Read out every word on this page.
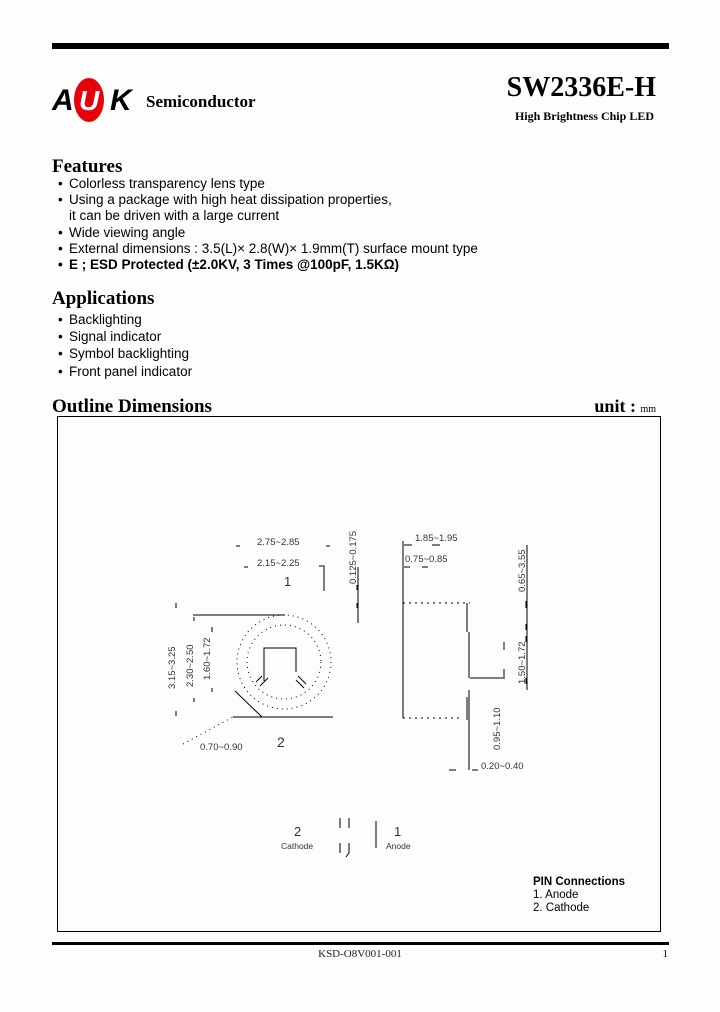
A U K Semiconductor	SW2336E-H
High Brightness Chip LED
Features
• Colorless transparency lens type
• Using a package with high heat dissipation properties,
it can be driven with a large current
• Wide viewing angle
• External dimensions : 3.5(L)× 2.8(W)× 1.9mm(T) surface mount type
• E ; ESD Protected (±2.0KV, 3 Times @100pF, 1.5KΩ)
Applications
• Backlighting
• Signal indicator
• Symbol backlighting
• Front panel indicator
Outline Dimensions	unit : mm
2.75~2.85
2.15~2.25
1	0.125~0.175
3.15~3.25 2.30~2.50 1.60~1.72
0.70~0.90 2
1.85~1.95
0.75~0.85	0.65~3.55
1.50~1.72
0.95~1.10
0.20~0.40
2
Cathode
1
Anode
PIN Connections
1. Anode
2. Cathode
KSD-O8V001-001	1
